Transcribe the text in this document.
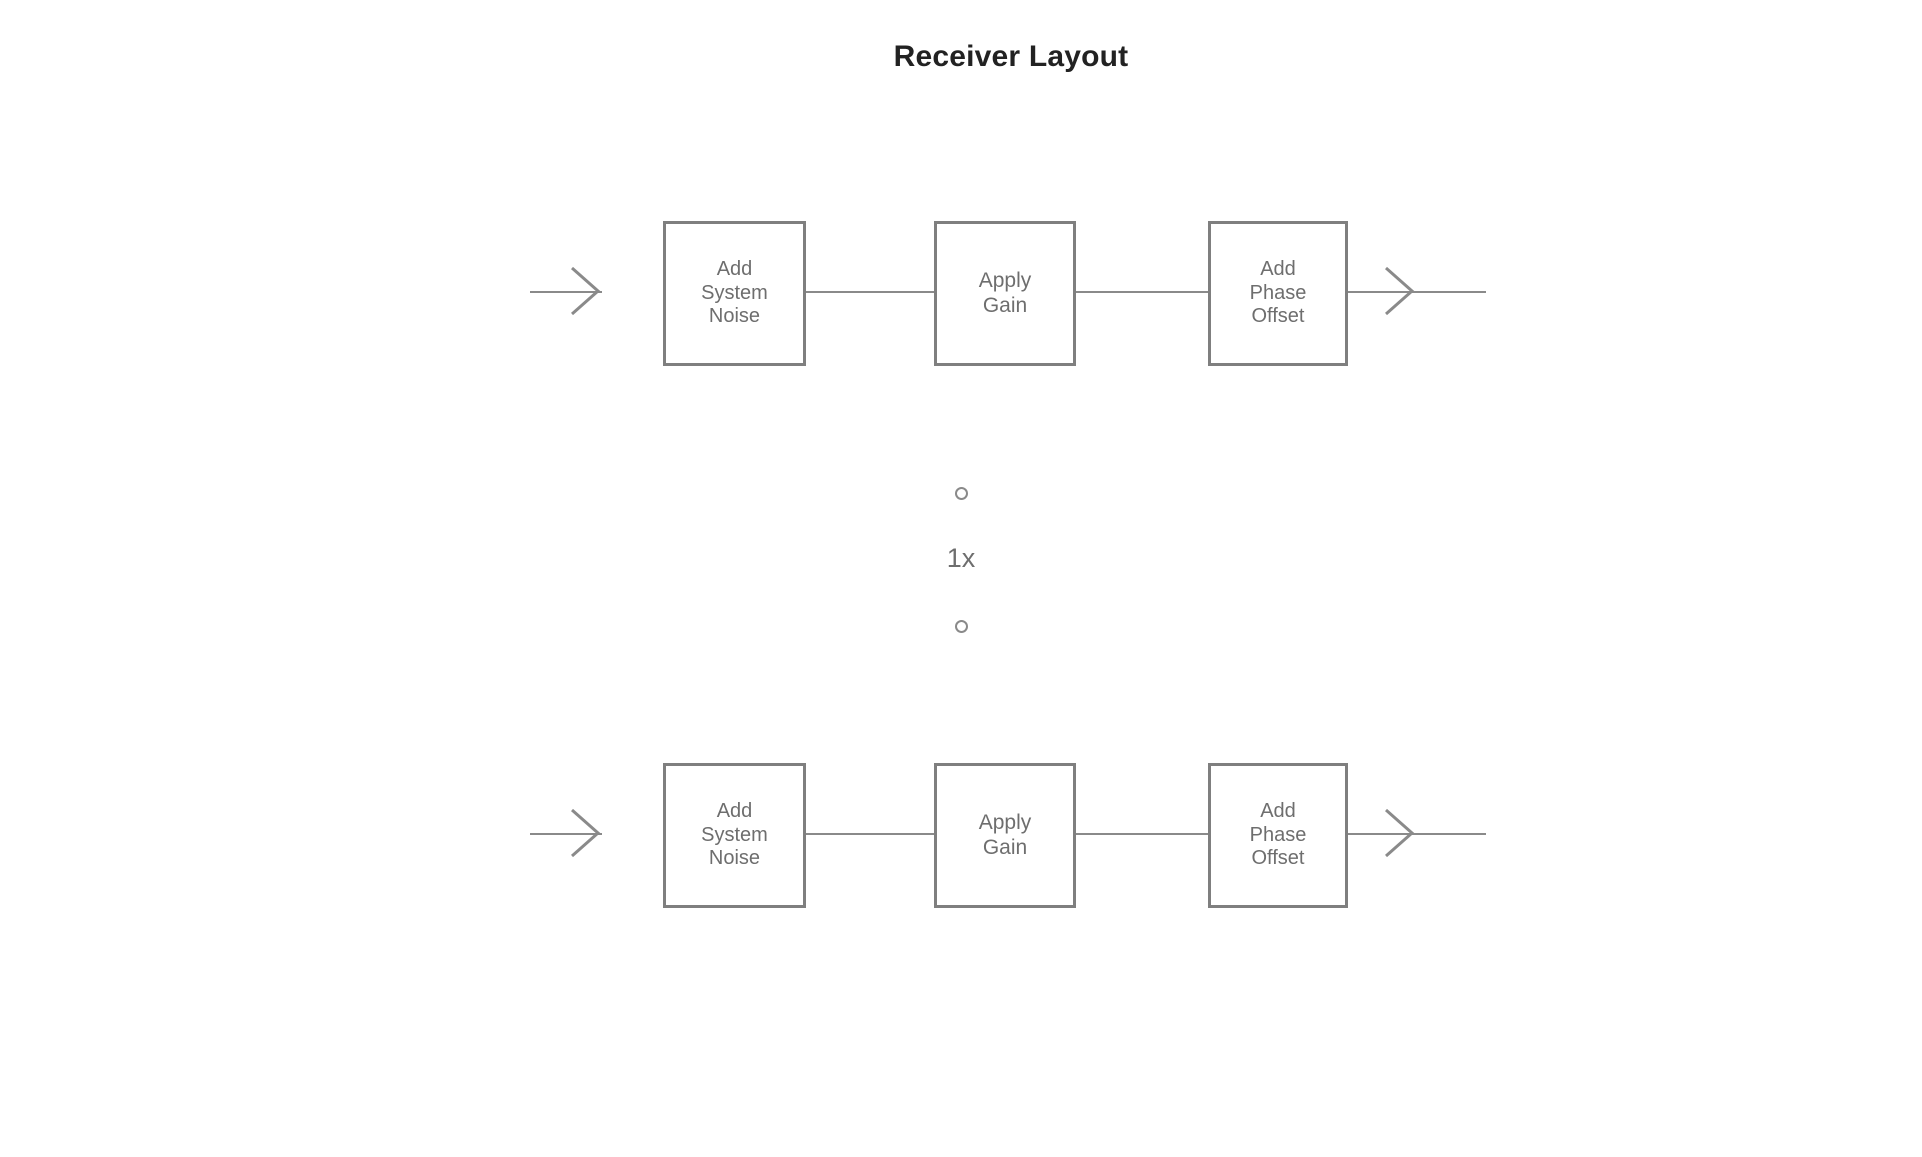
Receiver Layout
Add
System
Noise
Apply
Gain
Add
Phase
Offset
1x
Add
System
Noise
Apply
Gain
Add
Phase
Offset
